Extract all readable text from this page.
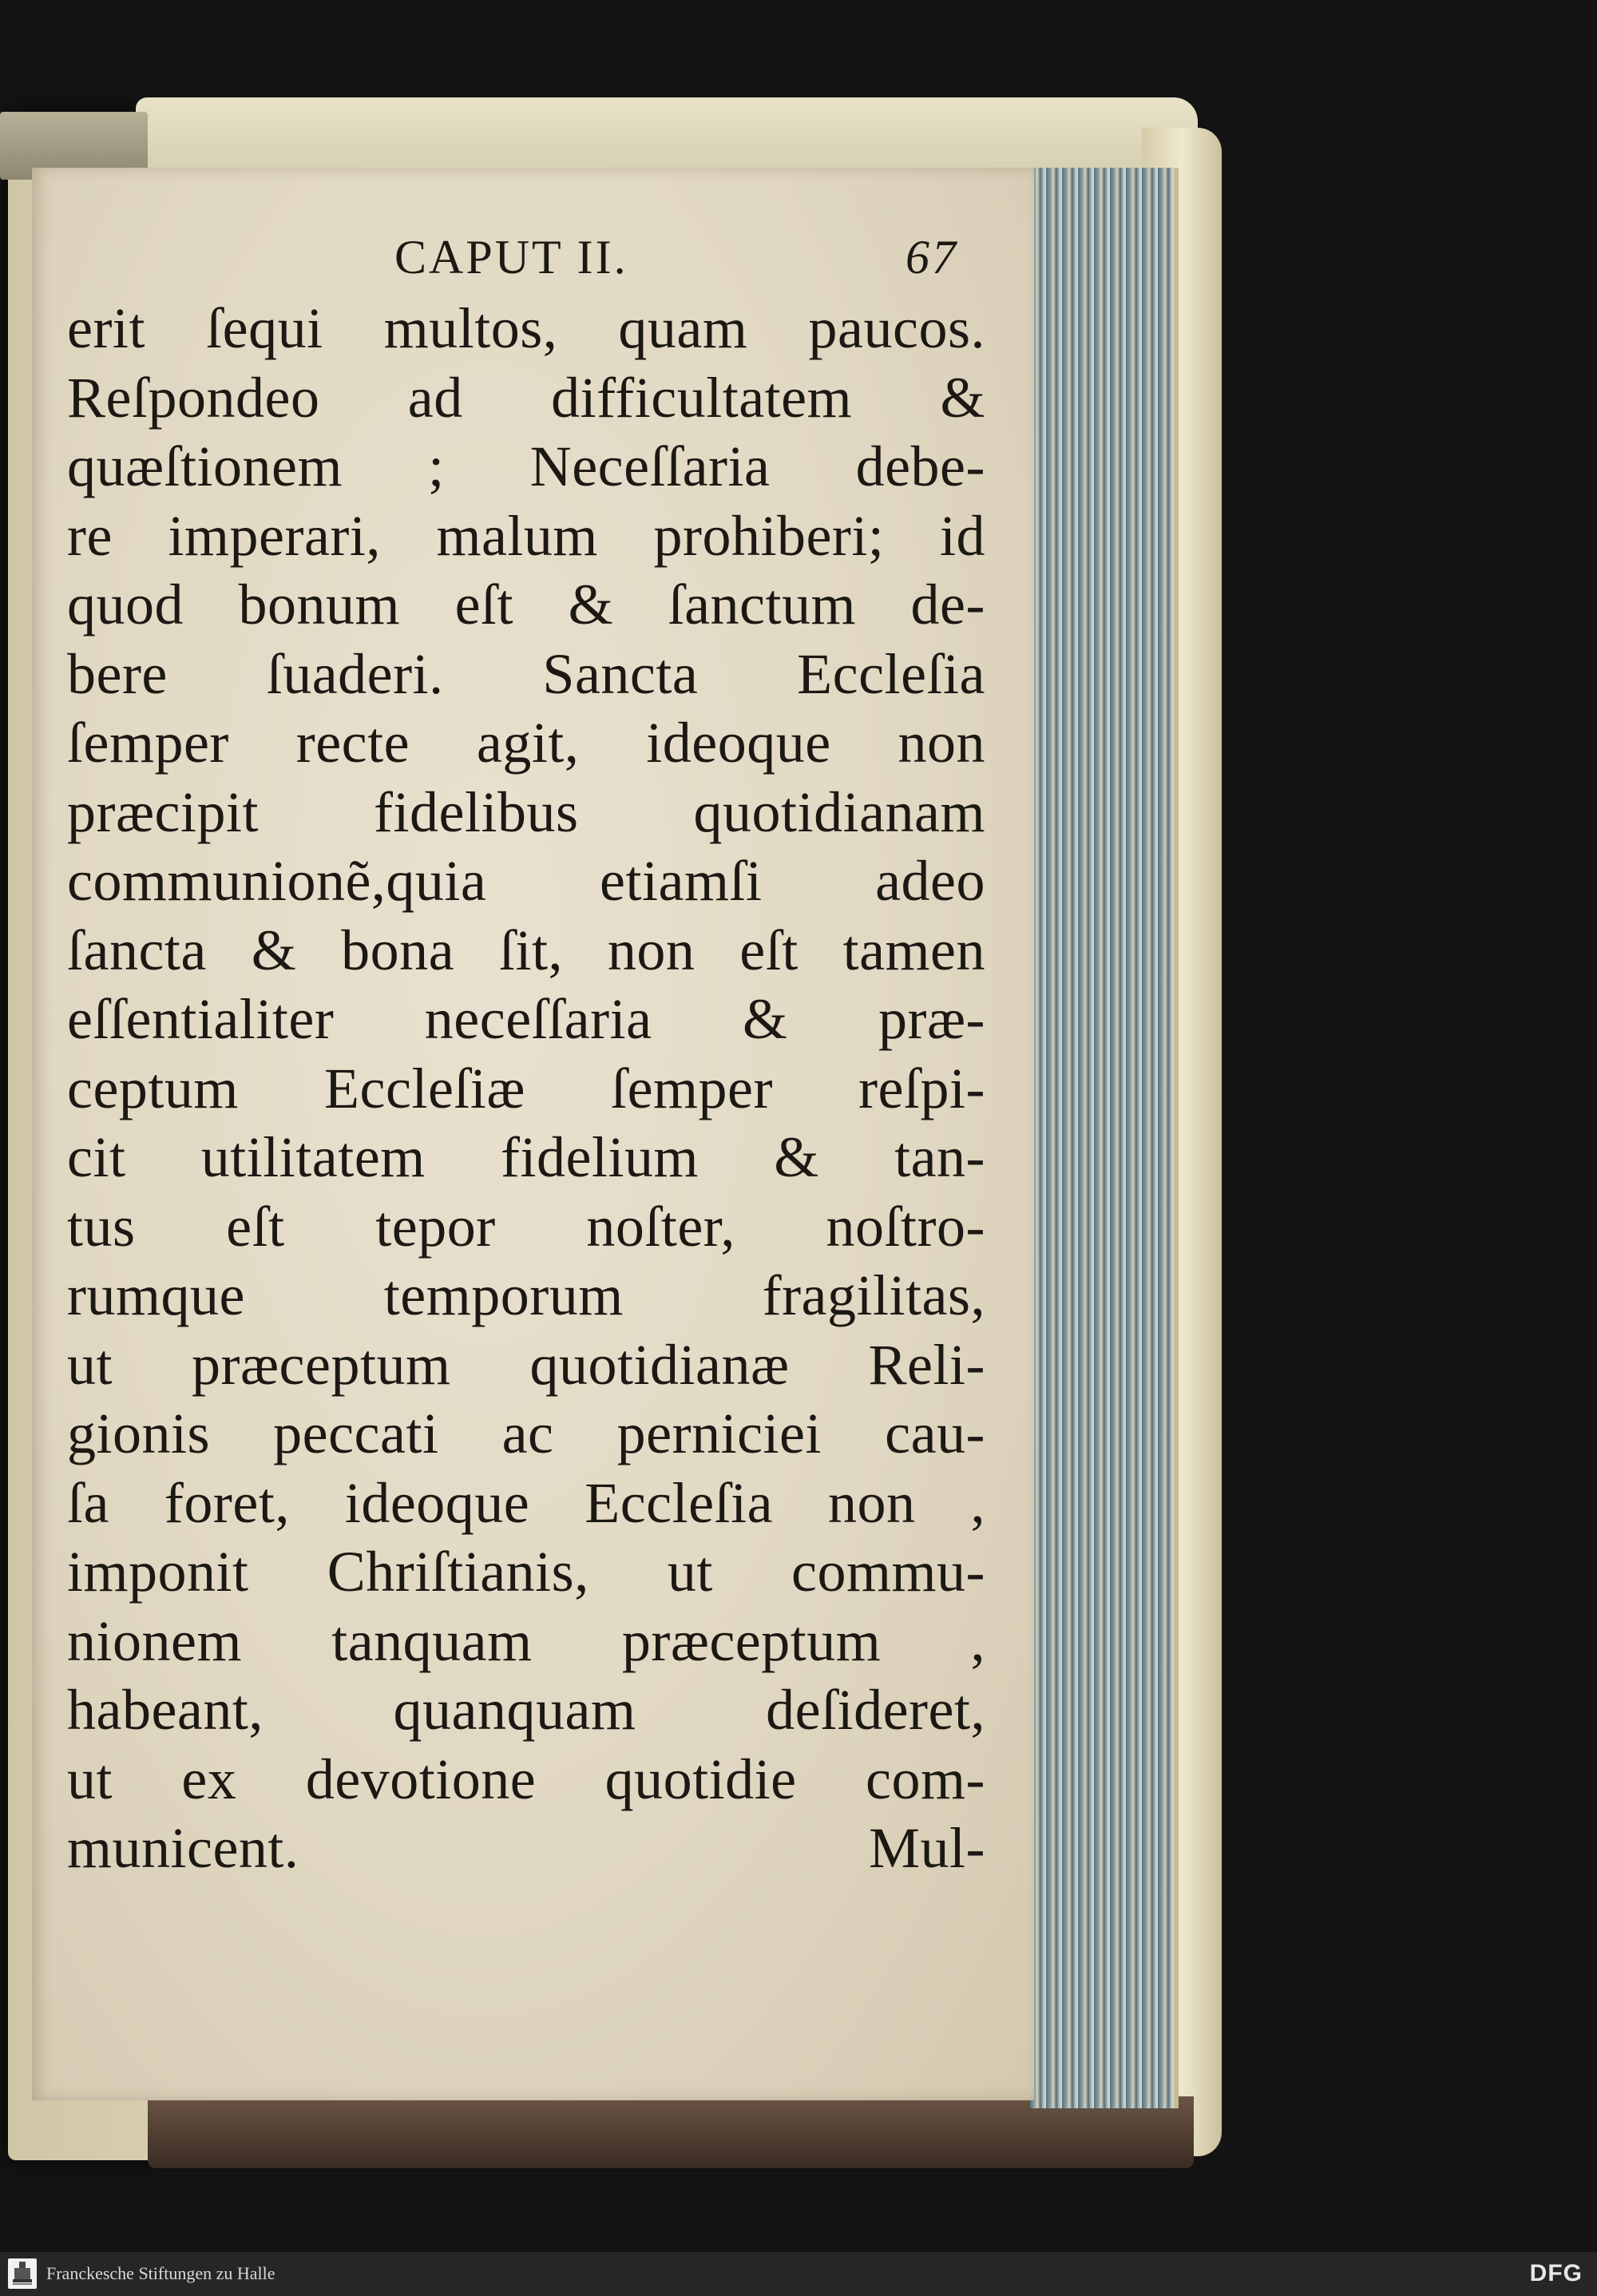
CAPUT II.	67
erit ſequi multos, quam paucos.
Reſpondeo ad difficultatem &
quæſtionem ; Neceſſaria debe-
re imperari, malum prohiberi; id
quod bonum eſt & ſanctum de-
bere ſuaderi. Sancta Eccleſia
ſemper recte agit, ideoque non
præcipit fidelibus quotidianam
communionẽ,quia etiamſi adeo
ſancta & bona ſit, non eſt tamen
eſſentialiter neceſſaria & præ-
ceptum Eccleſiæ ſemper reſpi-
cit utilitatem fidelium & tan-
tus eſt tepor noſter, noſtro-
rumque temporum fragilitas,
ut præceptum quotidianæ Reli-
gionis peccati ac perniciei cau-
ſa foret, ideoque Eccleſia non ,
imponit Chriſtianis, ut commu-
nionem tanquam præceptum ,
habeant, quanquam deſideret,
ut ex devotione quotidie com-
municent.	Mul-
Franckesche Stiftungen zu Halle	DFG
